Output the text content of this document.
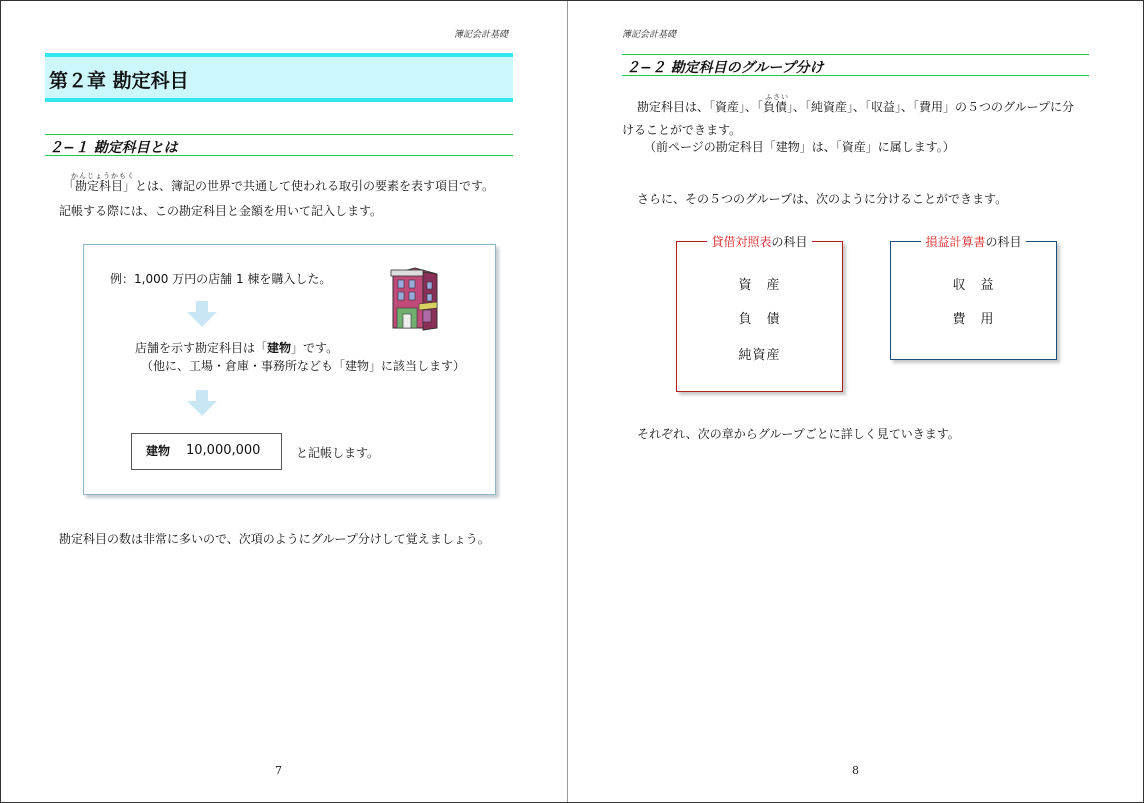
簿記会計基礎
第２章 勘定科目
２−１ 勘定科目とは
かんじょうかもく
「勘定科目」とは、簿記の世界で共通して使われる取引の要素を表す項目です。
記帳する際には、この勘定科目と金額を用いて記入します。
例：1,000 万円の店舗 1 棟を購入した。
店舗を示す勘定科目は「建物」です。
（他に、工場・倉庫・事務所なども「建物」に該当します）
と記帳します。
建物 10,000,000
勘定科目の数は非常に多いので、次項のようにグループ分けして覚えましょう。
7
簿記会計基礎
２−２ 勘定科目のグループ分け
ふさい
勘定科目は、「資産」、「負債」、「純資産」、「収益」、「費用」の５つのグループに分
けることができます。
（前ページの勘定科目「建物」は、「資産」に属します。）
さらに、その５つのグループは、次のように分けることができます。
それぞれ、次の章からグループごとに詳しく見ていきます。
8
貸借対照表の科目
資　産
負　債
純資産
損益計算書の科目
収　益
費　用
